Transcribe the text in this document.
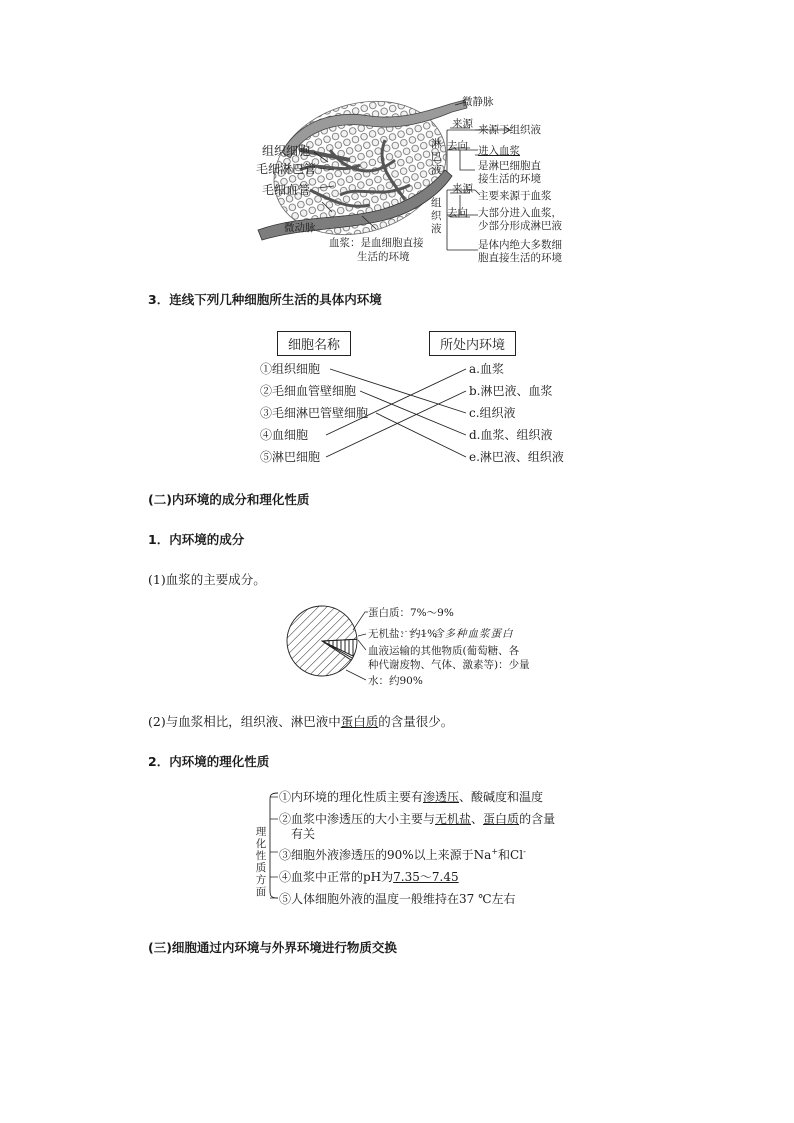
微静脉
组织细胞
毛细淋巴管
毛细血管
微动脉
血浆：是血细胞直接
生活的环境
淋巴液
来源 来源于组织液
去向 进入血浆
是淋巴细胞直
接生活的环境
组织液
来源
主要来源于血浆
去向 大部分进入血浆，
少部分形成淋巴液
是体内绝大多数细
胞直接生活的环境
3．连线下列几种细胞所生活的具体内环境
细胞名称	所处内环境
①组织细胞
②毛细血管壁细胞
③毛细淋巴管壁细胞
④血细胞
⑤淋巴细胞
a.血浆
b.淋巴液、血浆
c.组织液
d.血浆、组织液
e.淋巴液、组织液
(二)内环境的成分和理化性质
1．内环境的成分
(1)血浆的主要成分。
蛋白质：7%～9%
无机盐：约1%
含多种血浆蛋白
血液运输的其他物质(葡萄糖、各
种代谢废物、气体、激素等)：少量
水：约90%
(2)与血浆相比，组织液、淋巴液中蛋白质的含量很少。
2．内环境的理化性质
理
化
性
质
方
面
①内环境的理化性质主要有渗透压、酸碱度和温度
②血浆中渗透压的大小主要与无机盐、蛋白质的含量
有关
③细胞外液渗透压的90%以上来源于Na+和Cl-
④血浆中正常的pH为7.35～7.45
⑤人体细胞外液的温度一般维持在37 ℃左右
(三)细胞通过内环境与外界环境进行物质交换
